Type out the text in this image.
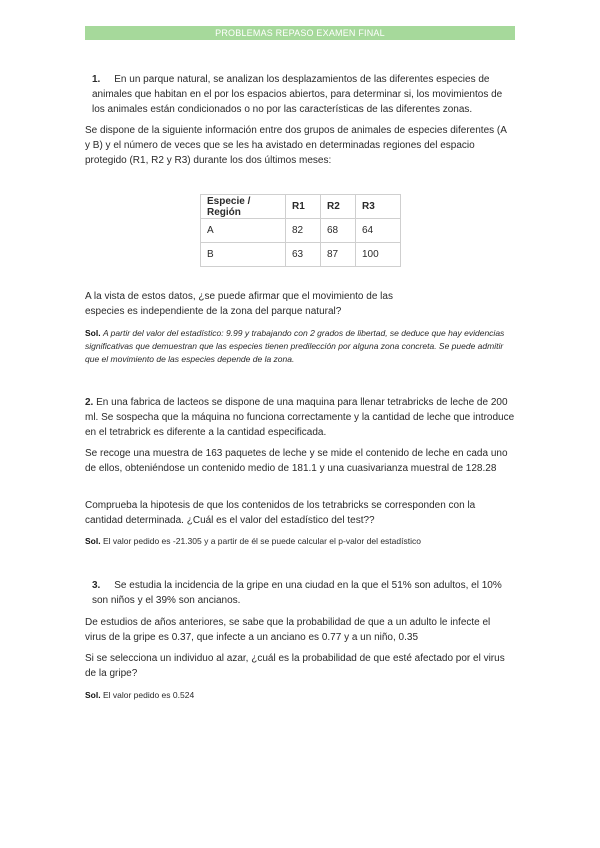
PROBLEMAS REPASO EXAMEN FINAL
1. En un parque natural, se analizan los desplazamientos de las diferentes especies de animales que habitan en el por los espacios abiertos, para determinar si, los movimientos de los animales están condicionados o no por las características de las diferentes zonas.
Se dispone de la siguiente información entre dos grupos de animales de especies diferentes (A y B) y el número de veces que se les ha avistado en determinadas regiones del espacio protegido (R1, R2 y R3) durante los dos últimos meses:
Especie / Región	R1	R2	R3
A	82	68	64
B	63	87	100
A la vista de estos datos, ¿se puede afirmar que el movimiento de las especies es independiente de la zona del parque natural?
Sol. A partir del valor del estadístico: 9.99 y trabajando con 2 grados de libertad, se deduce que hay evidencias significativas que demuestran que las especies tienen predilección por alguna zona concreta. Se puede admitir que el movimiento de las especies depende de la zona.
2. En una fabrica de lacteos se dispone de una maquina para llenar tetrabricks de leche de 200 ml. Se sospecha que la máquina no funciona correctamente y la cantidad de leche que introduce en el tetrabrick es diferente a la cantidad especificada.
Se recoge una muestra de 163 paquetes de leche y se mide el contenido de leche en cada uno de ellos, obteniéndose un contenido medio de 181.1 y una cuasivarianza muestral de 128.28
Comprueba la hipotesis de que los contenidos de los tetrabricks se corresponden con la cantidad determinada. ¿Cuál es el valor del estadístico del test??
Sol. El valor pedido es -21.305 y a partir de él se puede calcular el p-valor del estadístico
3. Se estudia la incidencia de la gripe en una ciudad en la que el 51% son adultos, el 10% son niños y el 39% son ancianos.
De estudios de años anteriores, se sabe que la probabilidad de que a un adulto le infecte el virus de la gripe es 0.37, que infecte a un anciano es 0.77 y a un niño, 0.35
Si se selecciona un individuo al azar, ¿cuál es la probabilidad de que esté afectado por el virus de la gripe?
Sol. El valor pedido es 0.524
